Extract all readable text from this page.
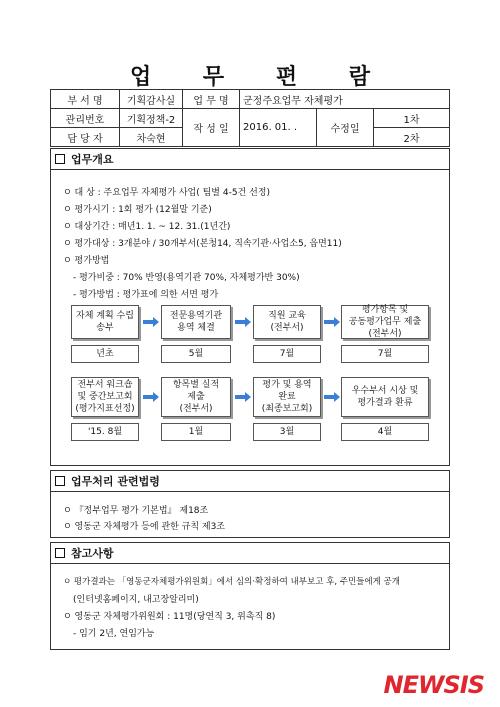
업 무 편 람
부 서 명	기획감사실	업 무 명	군정주요업무 자체평가		
관리번호	기획정책-2	작 성 일	2016. 01. .	수정일	1차
담 당 자	차숙현				2차
업무개요
ㅇ 대 상 : 주요업무 자체평가 사업( 팀별 4-5건 선정)
ㅇ 평가시기 : 1회 평가 (12월말 기준)
ㅇ 대상기간 : 매년1. 1. ~ 12. 31.(1년간)
ㅇ 평가대상 : 3개분야 / 30개부서(본청14, 직속기관·사업소5, 읍면11)
ㅇ 평가방법
- 평가비중 : 70% 반영(용역기관 70%, 자체평가반 30%)
- 평가방법 : 평가표에 의한 서면 평가
자체 계획 수립
송부
전문용역기관
용역 체결
직원 교육
(전부서)
평가항목 및
공동평가업무 제출
(전부서)
년초	5월	7월	7월
전부서 워크숍
및 중간보고회
(평가지표선정)
항목별 실적
제출
(전부서)
평가 및 용역
완료
(최종보고회)
우수부서 시상 및
평가결과 환류
'15. 8월	1월	3월	4월
업무처리 관련법령
ㅇ 『정부업무 평가 기본법』 제18조
ㅇ 영동군 자체평가 등에 관한 규칙 제3조
참고사항
ㅇ 평가결과는 「영동군자체평가위원회」에서 심의·확정하여 내부보고 후, 주민들에게 공개
(인터넷홈페이지, 내고장알리미)
ㅇ 영동군 자체평가위원회 : 11명(당연직 3, 위촉직 8)
- 임기 2년, 연임가능
NEWSIS
